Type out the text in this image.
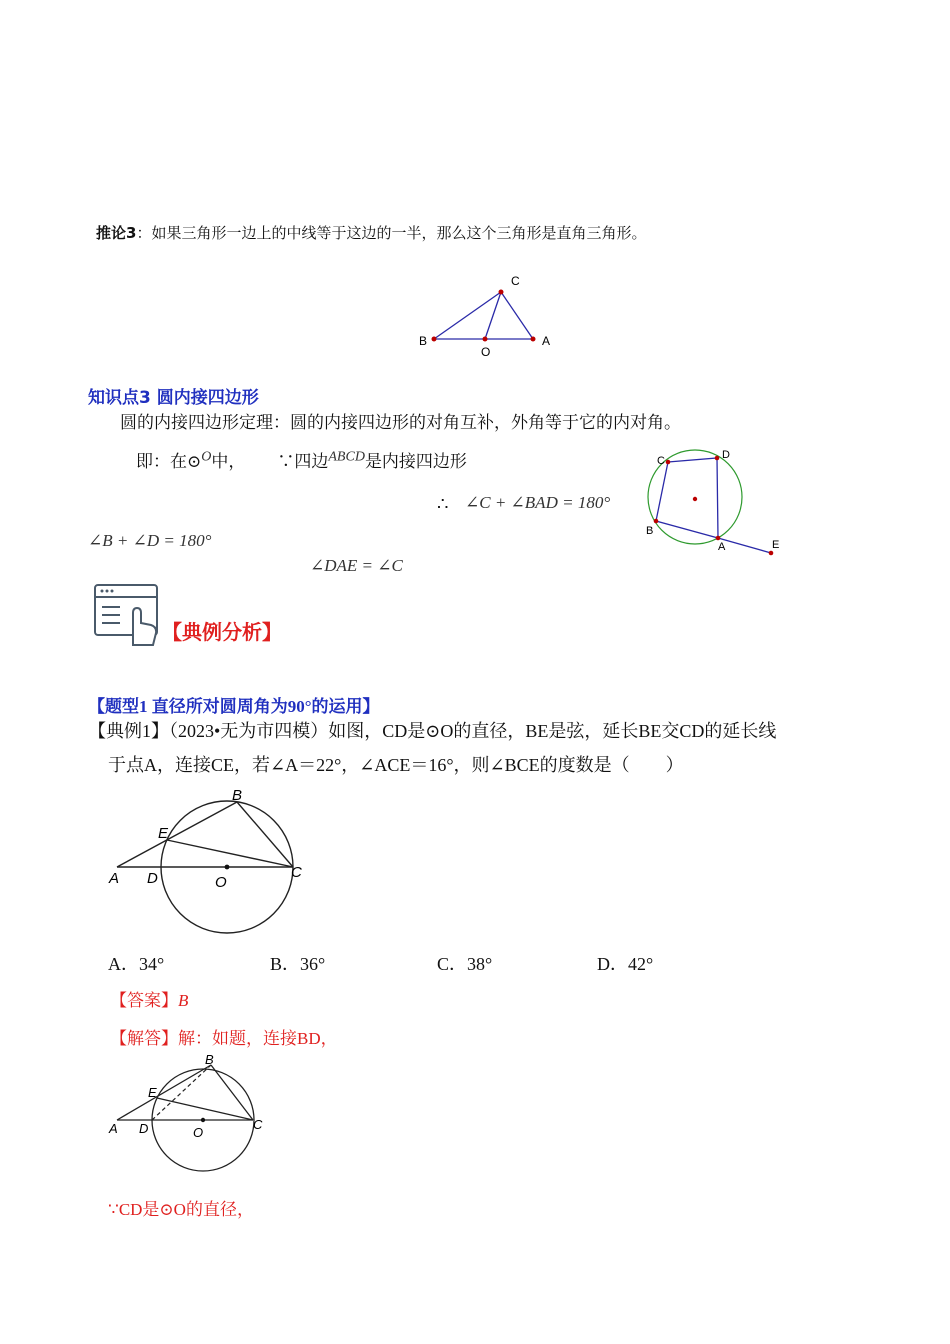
推论3：如果三角形一边上的中线等于这边的一半，那么这个三角形是直角三角形。
C
B
O
A
知识点3 圆内接四边形
圆的内接四边形定理：圆的内接四边形的对角互补，外角等于它的内对角。
即：在⊙$^O$中， ∵四边$^{ABCD}$是内接四边形
∴ ∠C + ∠BAD = 180°
∠B + ∠D = 180°
∠DAE = ∠C
C	D
B
A	E
【典例分析】
【题型1 直径所对圆周角为90°的运用】
【典例1】（2023•无为市四模）如图，CD是⊙O的直径，BE是弦，延长BE交CD的延长线
于点A，连接CE，若∠A＝22°，∠ACE＝16°，则∠BCE的度数是（　　）
B
E
A D	O
C
A．34°	B．36°	C．38°	D．42°
【答案】B
【解答】解：如题，连接BD，
B
E
A D	O
C
∵CD是⊙O的直径，
